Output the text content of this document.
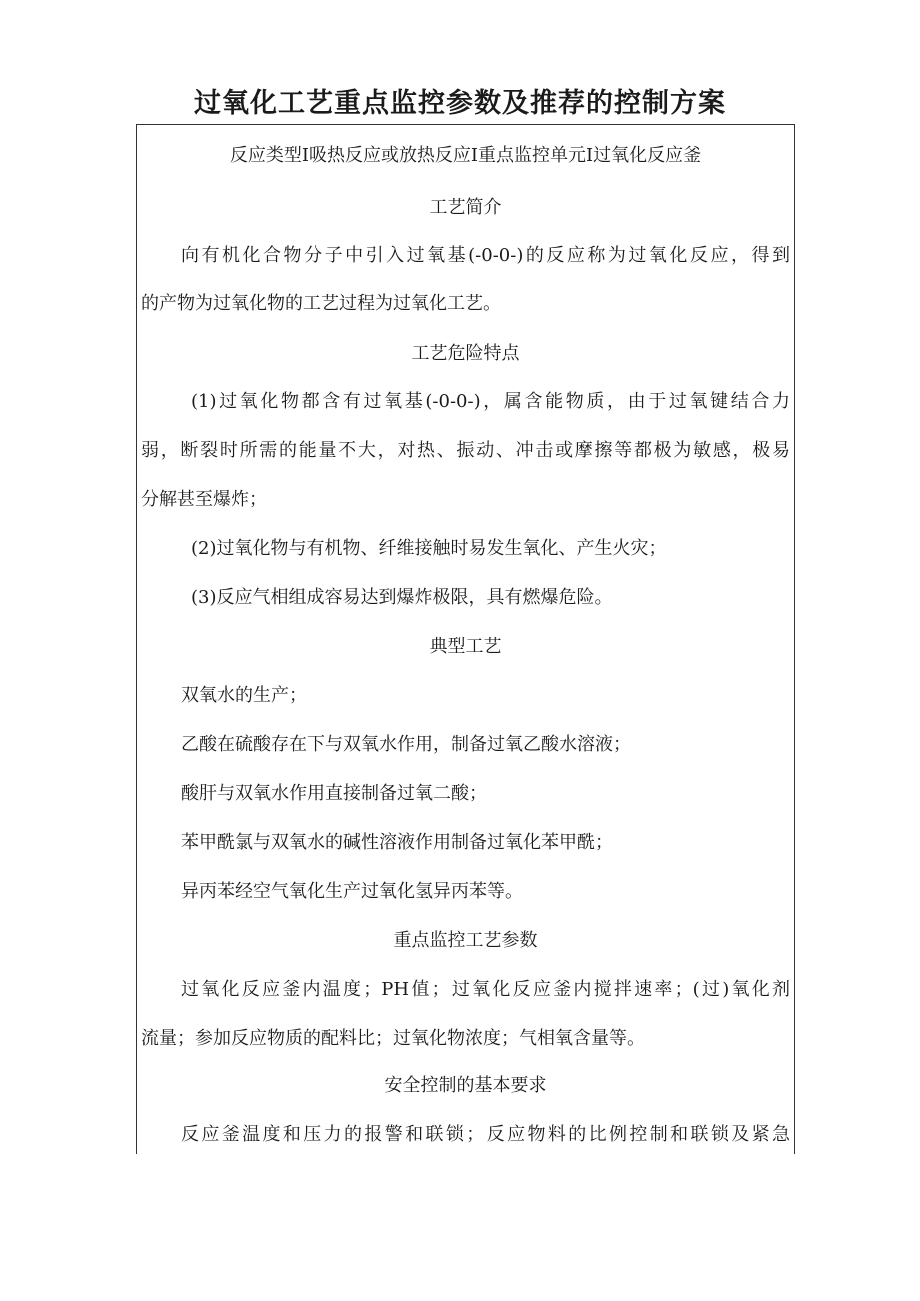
过氧化工艺重点监控参数及推荐的控制方案

反应类型Ⅰ吸热反应或放热反应Ⅰ重点监控单元Ⅰ过氧化反应釜

工艺简介

向有机化合物分子中引入过氧基(-0-0-)的反应称为过氧化反应，得到

的产物为过氧化物的工艺过程为过氧化工艺。

工艺危险特点

(1)过氧化物都含有过氧基(-0-0-)，属含能物质，由于过氧键结合力

弱，断裂时所需的能量不大，对热、振动、冲击或摩擦等都极为敏感，极易

分解甚至爆炸；

(2)过氧化物与有机物、纤维接触时易发生氧化、产生火灾；

(3)反应气相组成容易达到爆炸极限，具有燃爆危险。

典型工艺

双氧水的生产；

乙酸在硫酸存在下与双氧水作用，制备过氧乙酸水溶液；

酸肝与双氧水作用直接制备过氧二酸；

苯甲酰氯与双氧水的碱性溶液作用制备过氧化苯甲酰；

异丙苯经空气氧化生产过氧化氢异丙苯等。

重点监控工艺参数

过氧化反应釜内温度；PH值；过氧化反应釜内搅拌速率；(过)氧化剂

流量；参加反应物质的配料比；过氧化物浓度；气相氧含量等。

安全控制的基本要求

反应釜温度和压力的报警和联锁；反应物料的比例控制和联锁及紧急
